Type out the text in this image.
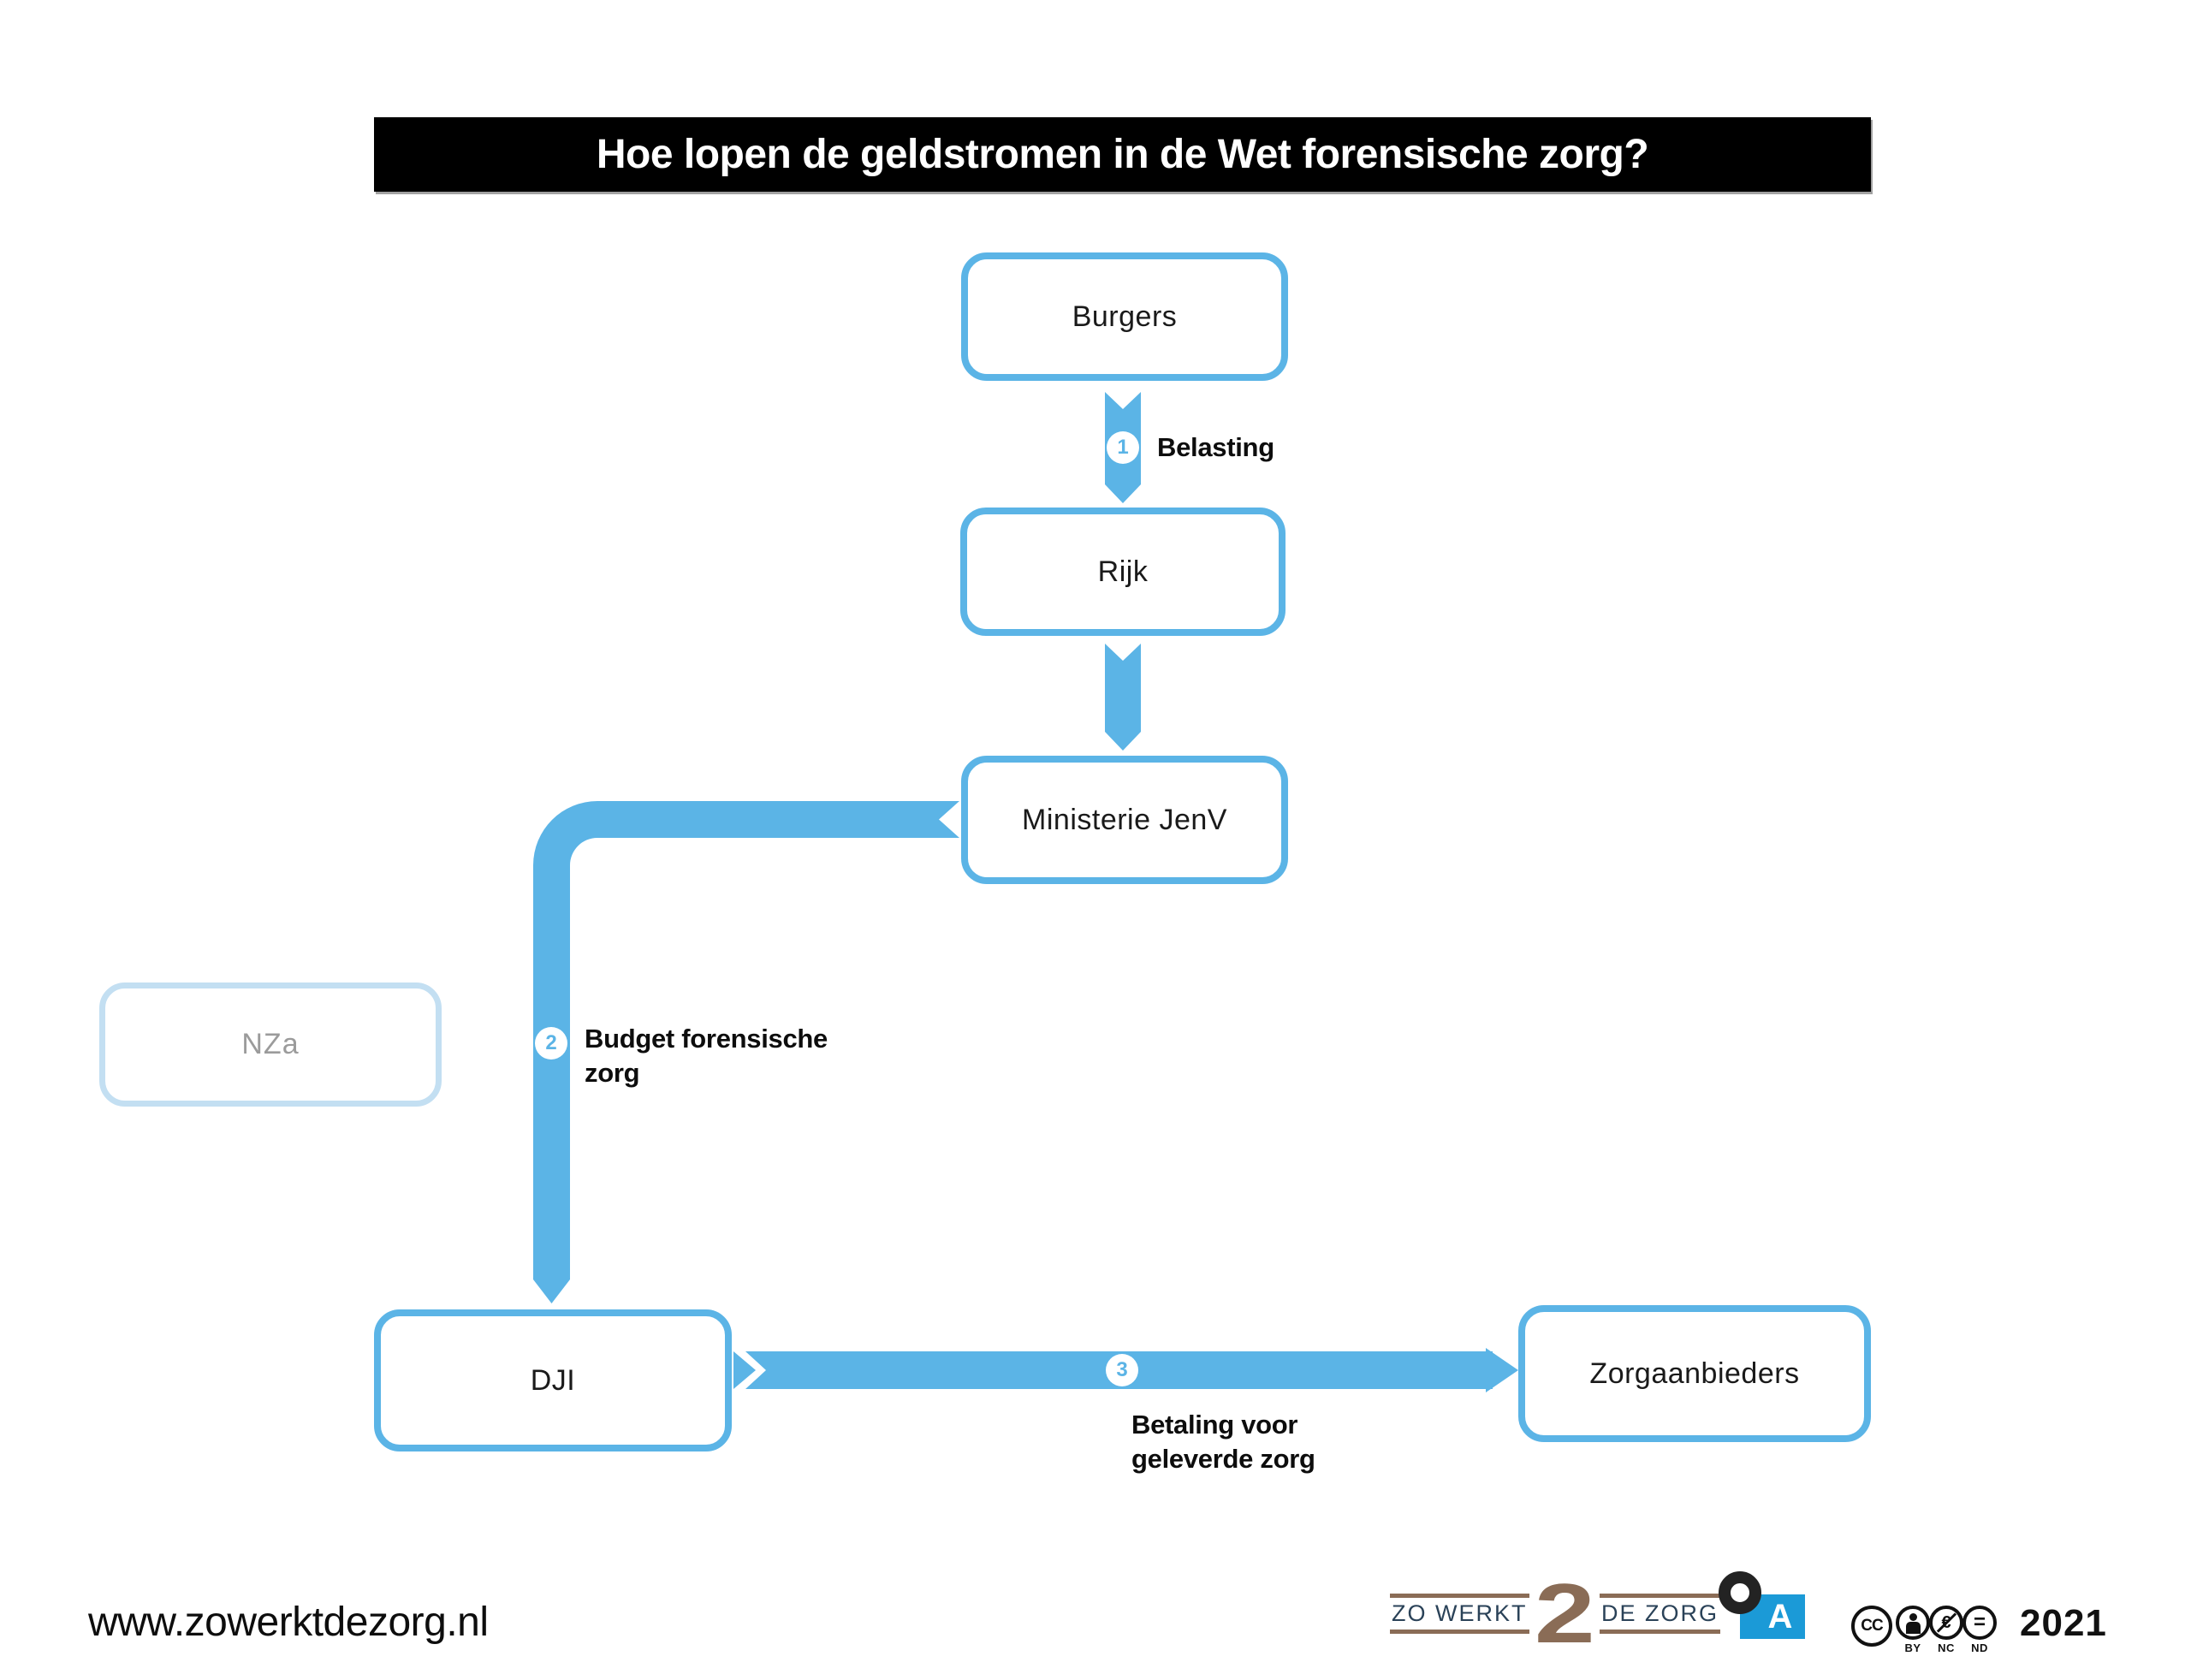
Hoe lopen de geldstromen in de Wet forensische zorg?
Burgers
Rijk
Ministerie JenV
NZa
DJI	Zorgaanbieders
1
2
3
Belasting
Budget forensische
zorg
Betaling voor
geleverde zorg
www.zowerktdezorg.nl	ZO WERKT 2 DE ZORG A	CC	€ =
BY	NC	ND
2021
